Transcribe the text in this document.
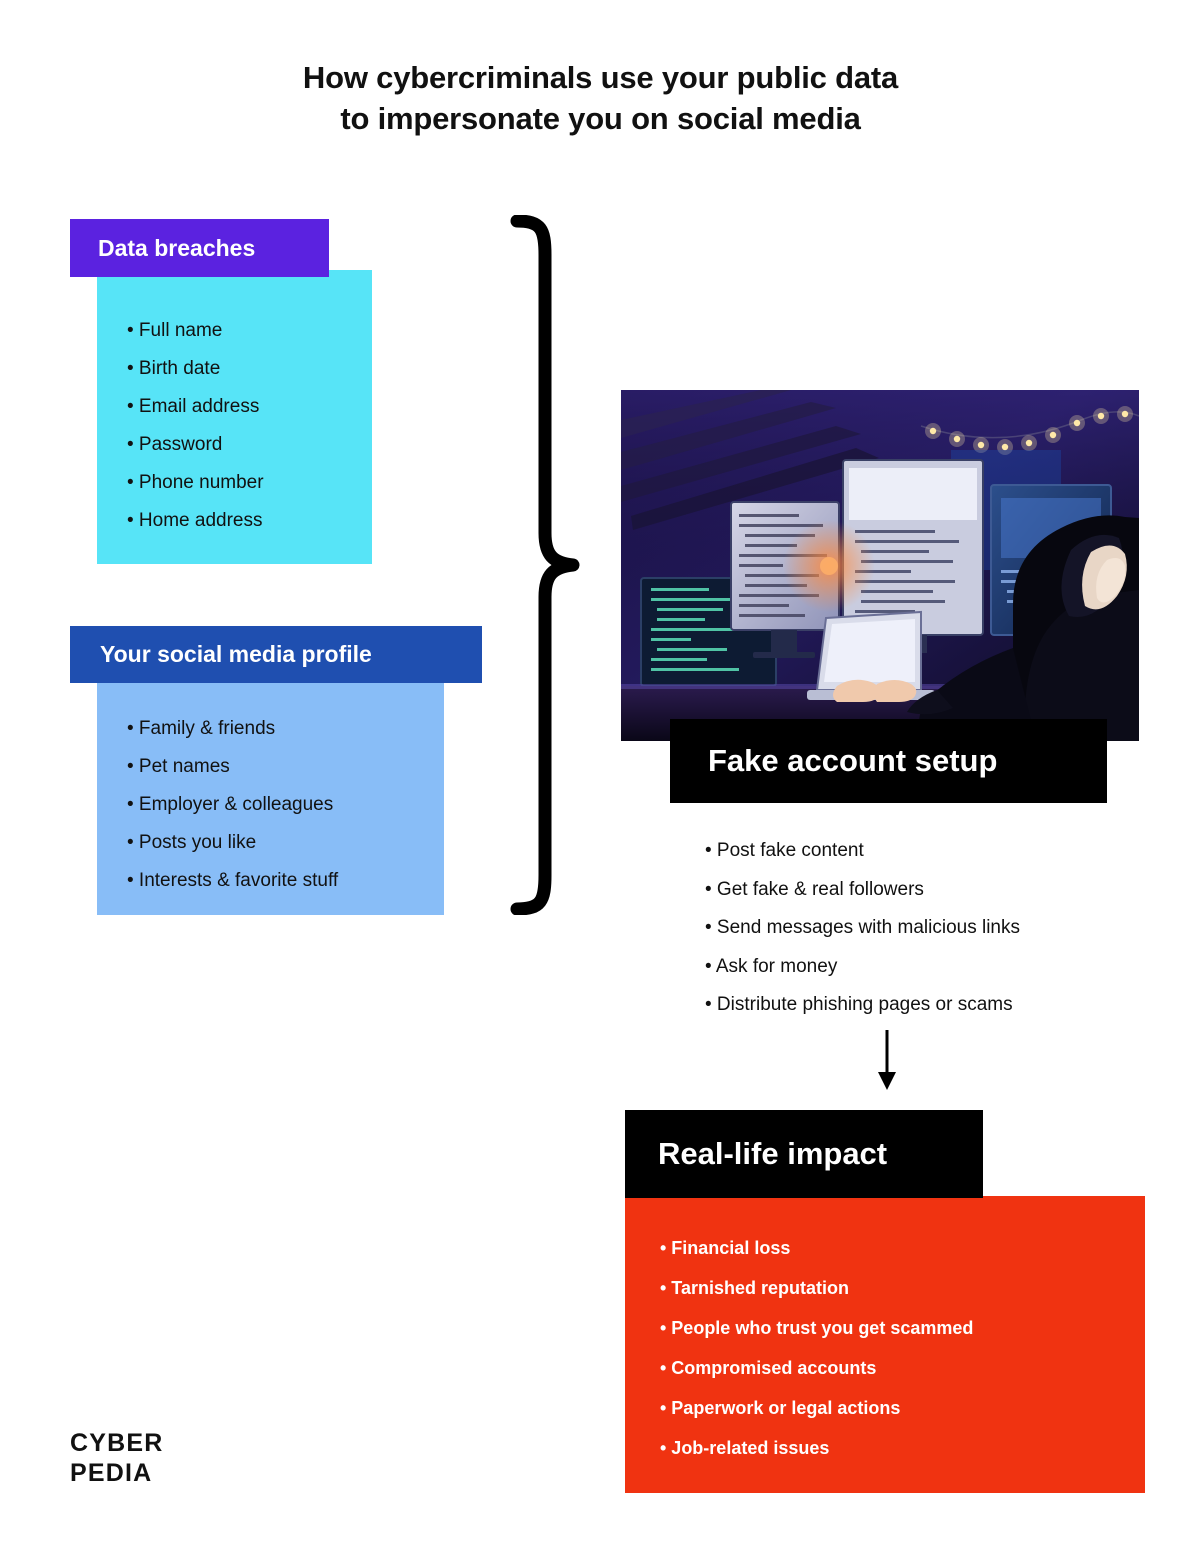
How cybercriminals use your public data
to impersonate you on social media
• Full name
• Birth date
• Email address
• Password
• Phone number
• Home address
Data breaches
• Family & friends
• Pet names
• Employer & colleagues
• Posts you like
• Interests & favorite stuff
Your social media profile
Fake account setup
• Post fake content
• Get fake & real followers
• Send messages with malicious links
• Ask for money
• Distribute phishing pages or scams
Real-life impact
• Financial loss
• Tarnished reputation
• People who trust you get scammed
• Compromised accounts
• Paperwork or legal actions
• Job-related issues
CYBER
PEDIA
